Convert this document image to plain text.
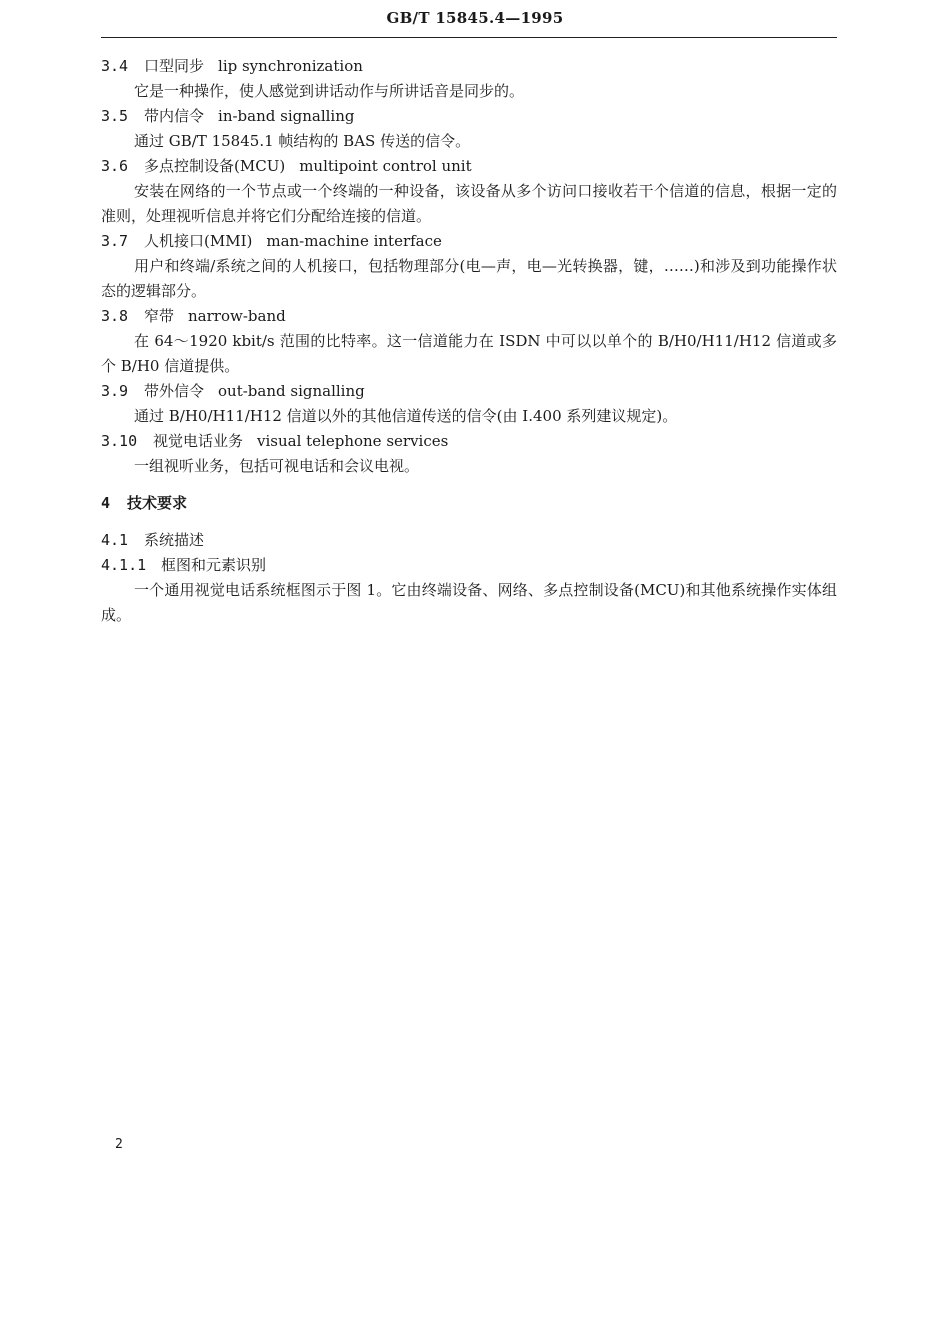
GB/T 15845.4—1995
3.4 口型同步 lip synchronization
它是一种操作，使人感觉到讲话动作与所讲话音是同步的。
3.5 带内信令 in-band signalling
通过 GB/T 15845.1 帧结构的 BAS 传送的信令。
3.6 多点控制设备(MCU) multipoint control unit
安装在网络的一个节点或一个终端的一种设备，该设备从多个访问口接收若干个信道的信息，根据一定的准则，处理视听信息并将它们分配给连接的信道。
3.7 人机接口(MMI) man-machine interface
用户和终端/系统之间的人机接口，包括物理部分(电—声，电—光转换器，键，……)和涉及到功能操作状态的逻辑部分。
3.8 窄带 narrow-band
在 64～1920 kbit/s 范围的比特率。这一信道能力在 ISDN 中可以以单个的 B/H0/H11/H12 信道或多个 B/H0 信道提供。
3.9 带外信令 out-band signalling
通过 B/H0/H11/H12 信道以外的其他信道传送的信令(由 I.400 系列建议规定)。
3.10 视觉电话业务 visual telephone services
一组视听业务，包括可视电话和会议电视。
4 技术要求
4.1 系统描述
4.1.1 框图和元素识别
一个通用视觉电话系统框图示于图 1。它由终端设备、网络、多点控制设备(MCU)和其他系统操作实体组成。
2
